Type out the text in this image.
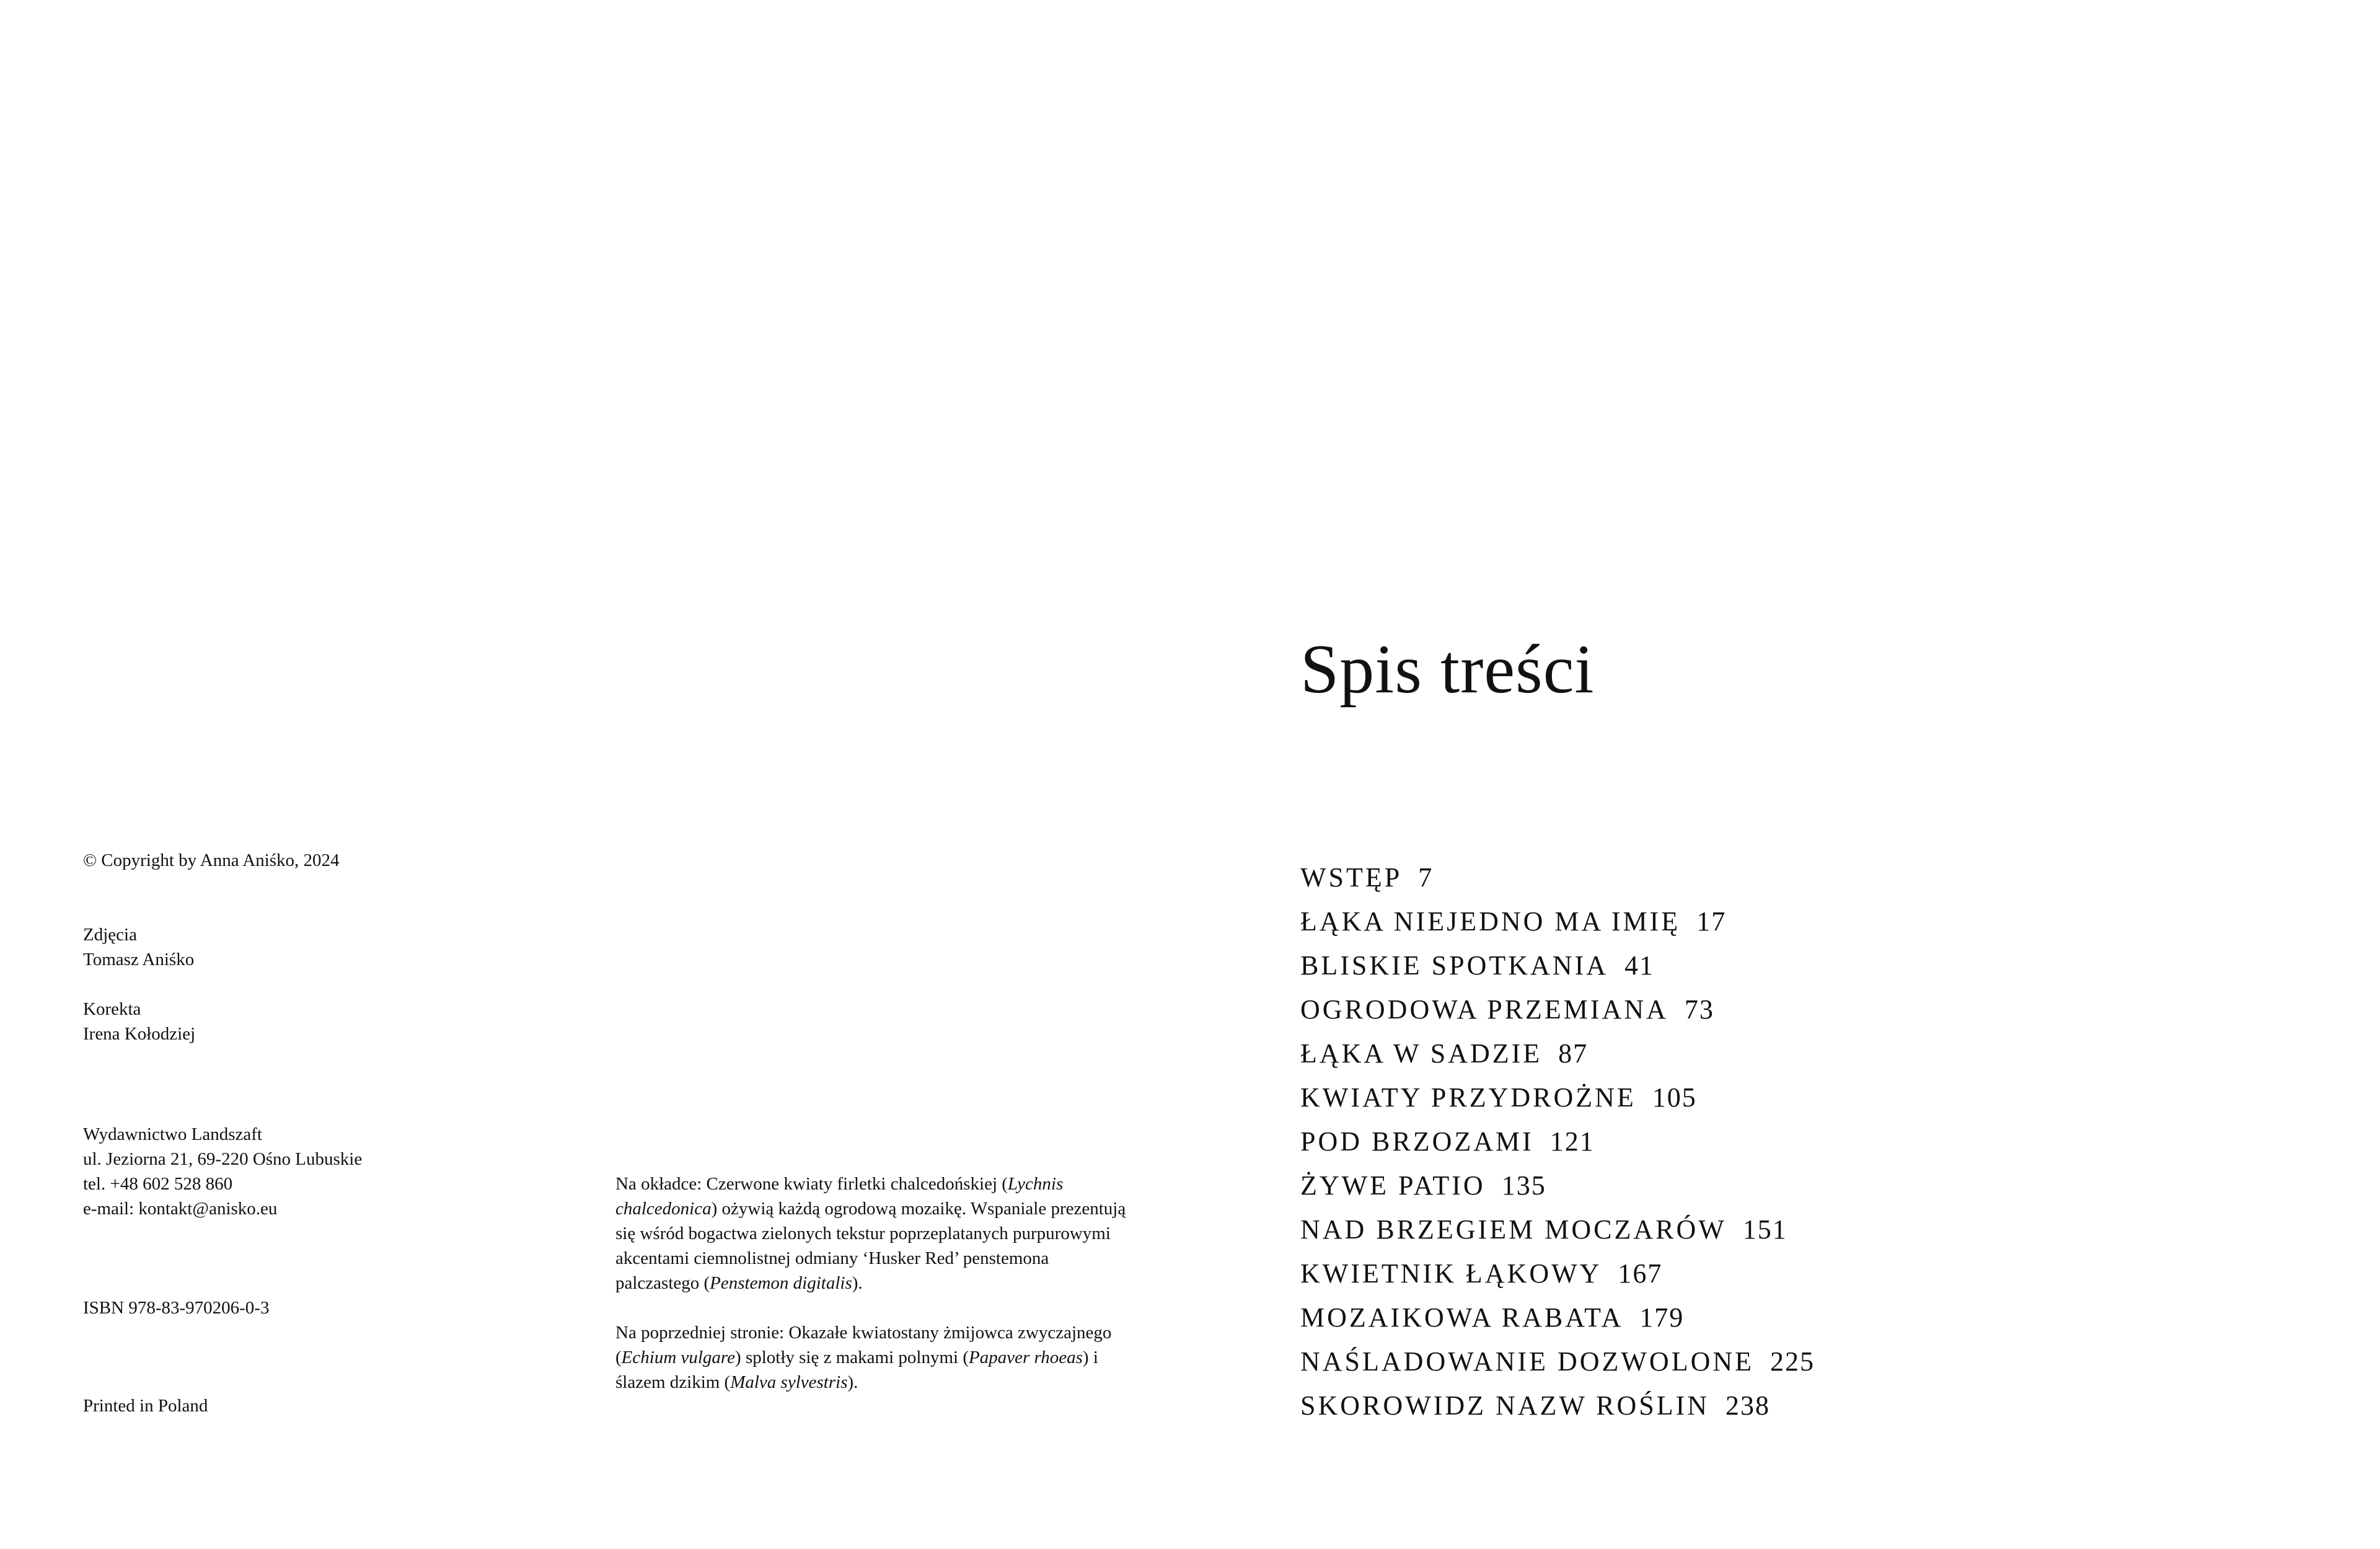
© Copyright by Anna Aniśko, 2024

Zdjęcia

Tomasz Aniśko

Korekta

Irena Kołodziej

Wydawnictwo Landszaft

ul. Jeziorna 21, 69-220 Ośno Lubuskie

tel. +48 602 528 860

e-mail: kontakt@anisko.eu

ISBN 978-83-970206-0-3

Printed in Poland

Na okładce: Czerwone kwiaty firletki chalcedońskiej (Lychnis chalcedonica) ożywią każdą ogrodową mozaikę. Wspaniale prezentują się wśród bogactwa zielonych tekstur poprzeplatanych purpurowymi akcentami ciemnolistnej odmiany ‘Husker Red’ penstemona palczastego (Penstemon digitalis).

Na poprzedniej stronie: Okazałe kwiatostany żmijowca zwyczajnego (Echium vulgare) splotły się z makami polnymi (Papaver rhoeas) i ślazem dzikim (Malva sylvestris).

Spis treści
WSTĘP 7
ŁĄKA NIEJEDNO MA IMIĘ 17
BLISKIE SPOTKANIA 41
OGRODOWA PRZEMIANA 73
ŁĄKA W SADZIE 87
KWIATY PRZYDROŻNE 105
POD BRZOZAMI 121
ŻYWE PATIO 135
NAD BRZEGIEM MOCZARÓW 151
KWIETNIK ŁĄKOWY 167
MOZAIKOWA RABATA 179
NAŚLADOWANIE DOZWOLONE 225
SKOROWIDZ NAZW ROŚLIN 238
